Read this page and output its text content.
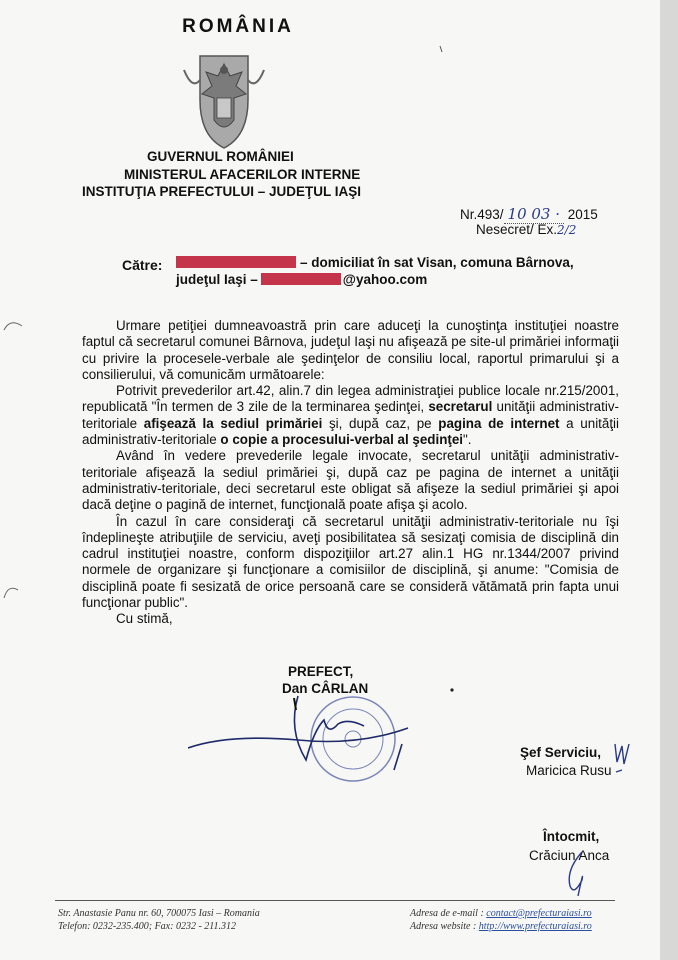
ROMÂNIA
GUVERNUL ROMÂNIEI
MINISTERUL AFACERILOR INTERNE
INSTITUŢIA PREFECTULUI – JUDEŢUL IAŞI
Nr.493/ 10 03 · 2015
Nesecret/ Ex.2/2
Către:	– domiciliat în sat Visan, comuna Bârnova,
judeţul Iaşi –	@yahoo.com

Urmare petiţiei dumneavoastră prin care aduceţi la cunoştinţa instituţiei noastre faptul că secretarul comunei Bârnova, judeţul Iaşi nu afişează pe site-ul primăriei informaţii cu privire la procesele-verbale ale şedinţelor de consiliu local, raportul primarului şi a consilierului, vă comunicăm următoarele:

Potrivit prevederilor art.42, alin.7 din legea administraţiei publice locale nr.215/2001, republicată "În termen de 3 zile de la terminarea şedinţei, secretarul unităţii administrativ-teritoriale afişează la sediul primăriei şi, după caz, pe pagina de internet a unităţii administrativ-teritoriale o copie a procesului-verbal al şedinţei".

Având în vedere prevederile legale invocate, secretarul unităţii administrativ-teritoriale afişează la sediul primăriei şi, după caz pe pagina de internet a unităţii administrativ-teritoriale, deci secretarul este obligat să afişeze la sediul primăriei şi apoi dacă deţine o pagină de internet, funcţională poate afişa şi acolo.

În cazul în care consideraţi că secretarul unităţii administrativ-teritoriale nu îşi îndeplineşte atribuţiile de serviciu, aveţi posibilitatea să sesizaţi comisia de disciplină din cadrul instituţiei noastre, conform dispoziţiilor art.27 alin.1 HG nr.1344/2007 privind normele de organizare şi funcţionare a comisiilor de disciplină, şi anume: "Comisia de disciplină poate fi sesizată de orice persoană care se consideră vătămată prin fapta unui funcţionar public".

Cu stimă,

PREFECT,
Dan CÂRLAN
Şef Serviciu,
Maricica Rusu
Întocmit,
Crăciun Anca
Str. Anastasie Panu nr. 60, 700075 Iasi – Romania
Telefon: 0232-235.400; Fax: 0232 - 211.312
Adresa de e-mail : contact@prefecturaiasi.ro
Adresa website : http://www.prefecturaiasi.ro
